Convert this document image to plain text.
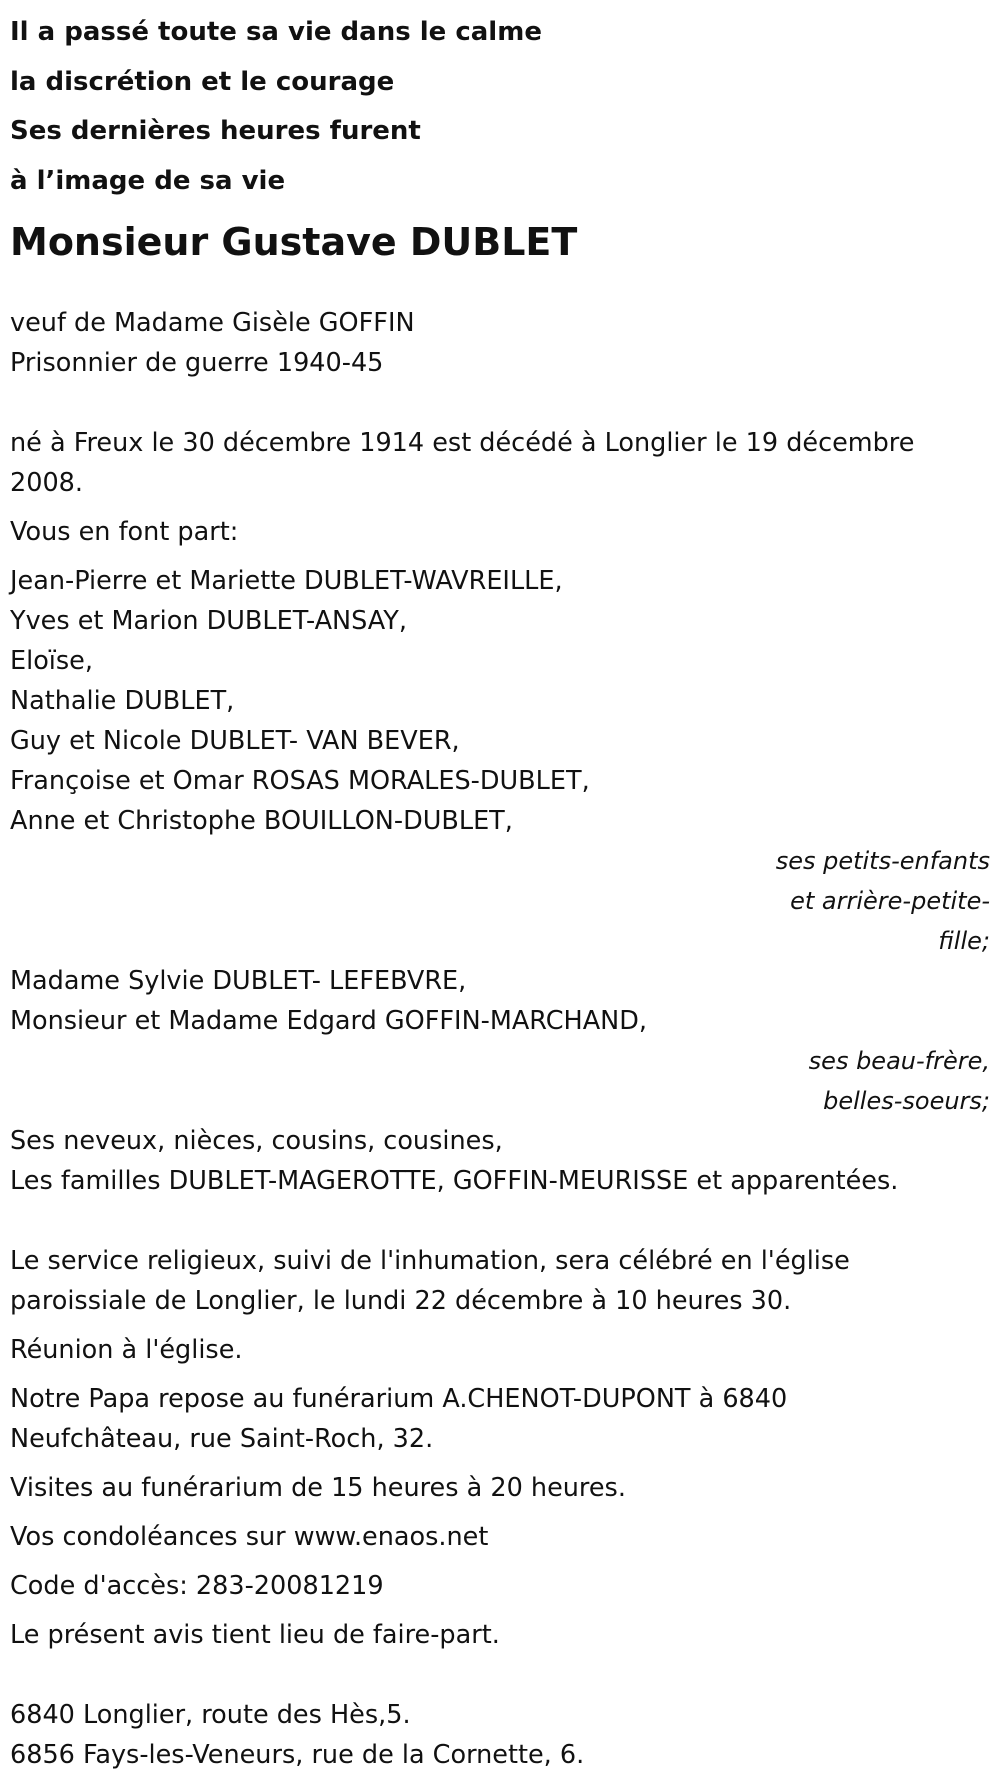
Il a passé toute sa vie dans le calme
la discrétion et le courage
Ses dernières heures furent
à l’image de sa vie
Monsieur Gustave DUBLET
veuf de Madame Gisèle GOFFIN
Prisonnier de guerre 1940-45
né à Freux le 30 décembre 1914 est décédé à Longlier le 19 décembre
2008.
Vous en font part:
Jean-Pierre et Mariette DUBLET-WAVREILLE,
Yves et Marion DUBLET-ANSAY,
Eloïse,
Nathalie DUBLET,
Guy et Nicole DUBLET- VAN BEVER,
Françoise et Omar ROSAS MORALES-DUBLET,
Anne et Christophe BOUILLON-DUBLET,
ses petits-enfants
et arrière-petite-
fille;
Madame Sylvie DUBLET- LEFEBVRE,
Monsieur et Madame Edgard GOFFIN-MARCHAND,
ses beau-frère,
belles-soeurs;
Ses neveux, nièces, cousins, cousines,
Les familles DUBLET-MAGEROTTE, GOFFIN-MEURISSE et apparentées.
Le service religieux, suivi de l'inhumation, sera célébré en l'église
paroissiale de Longlier, le lundi 22 décembre à 10 heures 30.
Réunion à l'église.
Notre Papa repose au funérarium A.CHENOT-DUPONT à 6840
Neufchâteau, rue Saint-Roch, 32.
Visites au funérarium de 15 heures à 20 heures.
Vos condoléances sur www.enaos.net
Code d'accès: 283-20081219
Le présent avis tient lieu de faire-part.
6840 Longlier, route des Hès,5.
6856 Fays-les-Veneurs, rue de la Cornette, 6.
